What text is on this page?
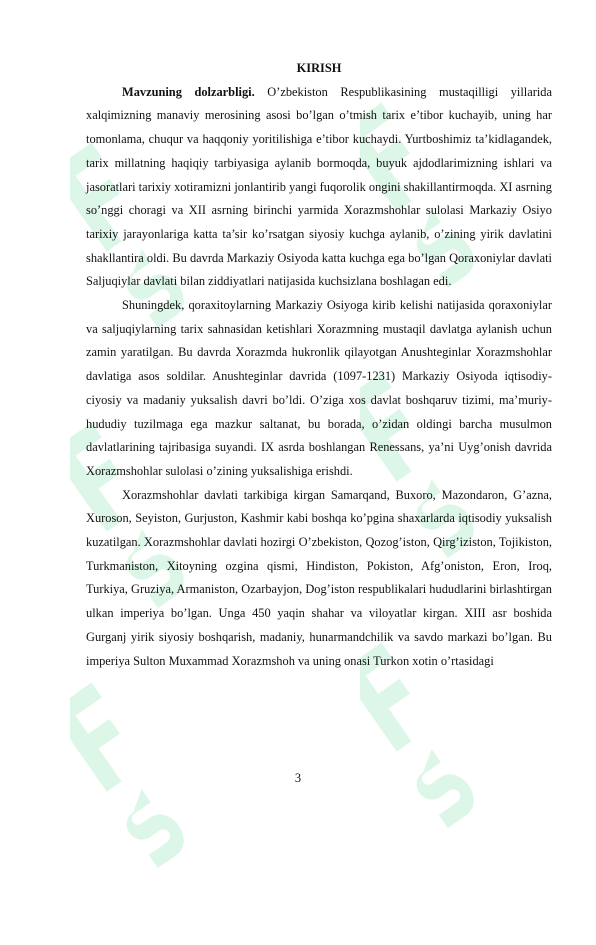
KIRISH

Mavzuning dolzarbligi. O’zbekiston Respublikasining mustaqilligi yillarida xalqimizning manaviy merosining asosi bo’lgan o’tmish tarix e’tibor kuchayib, uning har tomonlama, chuqur va haqqoniy yoritilishiga e’tibor kuchaydi. Yurtboshimiz ta’kidlagandek, tarix millatning haqiqiy tarbiyasiga aylanib bormoqda, buyuk ajdodlarimizning ishlari va jasoratlari tarixiy xotiramizni jonlantirib yangi fuqorolik ongini shakillantirmoqda. XI asrning so’nggi choragi va XII asrning birinchi yarmida Xorazmshohlar sulolasi Markaziy Osiyo tarixiy jarayonlariga katta ta’sir ko’rsatgan siyosiy kuchga aylanib, o’zining yirik davlatini shakllantira oldi. Bu davrda Markaziy Osiyoda katta kuchga ega bo’lgan Qoraxoniylar davlati Saljuqiylar davlati bilan ziddiyatlari natijasida kuchsizlana boshlagan edi.

Shuningdek, qoraxitoylarning Markaziy Osiyoga kirib kelishi natijasida qoraxoniylar va saljuqiylarning tarix sahnasidan ketishlari Xorazmning mustaqil davlatga aylanish uchun zamin yaratilgan. Bu davrda Xorazmda hukronlik qilayotgan Anushteginlar Xorazmshohlar davlatiga asos soldilar. Anushteginlar davrida (1097-1231) Markaziy Osiyoda iqtisodiy-ciyosiy va madaniy yuksalish davri bo’ldi. O’ziga xos davlat boshqaruv tizimi, ma’muriy-hududiy tuzilmaga ega mazkur saltanat, bu borada, o’zidan oldingi barcha musulmon davlatlarining tajribasiga suyandi. IX asrda boshlangan Renessans, ya’ni Uyg’onish davrida Xorazmshohlar sulolasi o’zining yuksalishiga erishdi.

Xorazmshohlar davlati tarkibiga kirgan Samarqand, Buxoro, Mazondaron, G’azna, Xuroson, Seyiston, Gurjuston, Kashmir kabi boshqa ko’pgina shaxarlarda iqtisodiy yuksalish kuzatilgan. Xorazmshohlar davlati hozirgi O’zbekiston, Qozog’iston, Qirg’iziston, Tojikiston, Turkmaniston, Xitoyning ozgina qismi, Hindiston, Pokiston, Afg’oniston, Eron, Iroq, Turkiya, Gruziya, Armaniston, Ozarbayjon, Dog’iston respublikalari hududlarini birlashtirgan ulkan imperiya bo’lgan. Unga 450 yaqin shahar va viloyatlar kirgan. XIII asr boshida Gurganj yirik siyosiy boshqarish, madaniy, hunarmandchilik va savdo markazi bo’lgan. Bu imperiya Sulton Muxammad Xorazmshoh va uning onasi Turkon xotin o’rtasidagi

3
